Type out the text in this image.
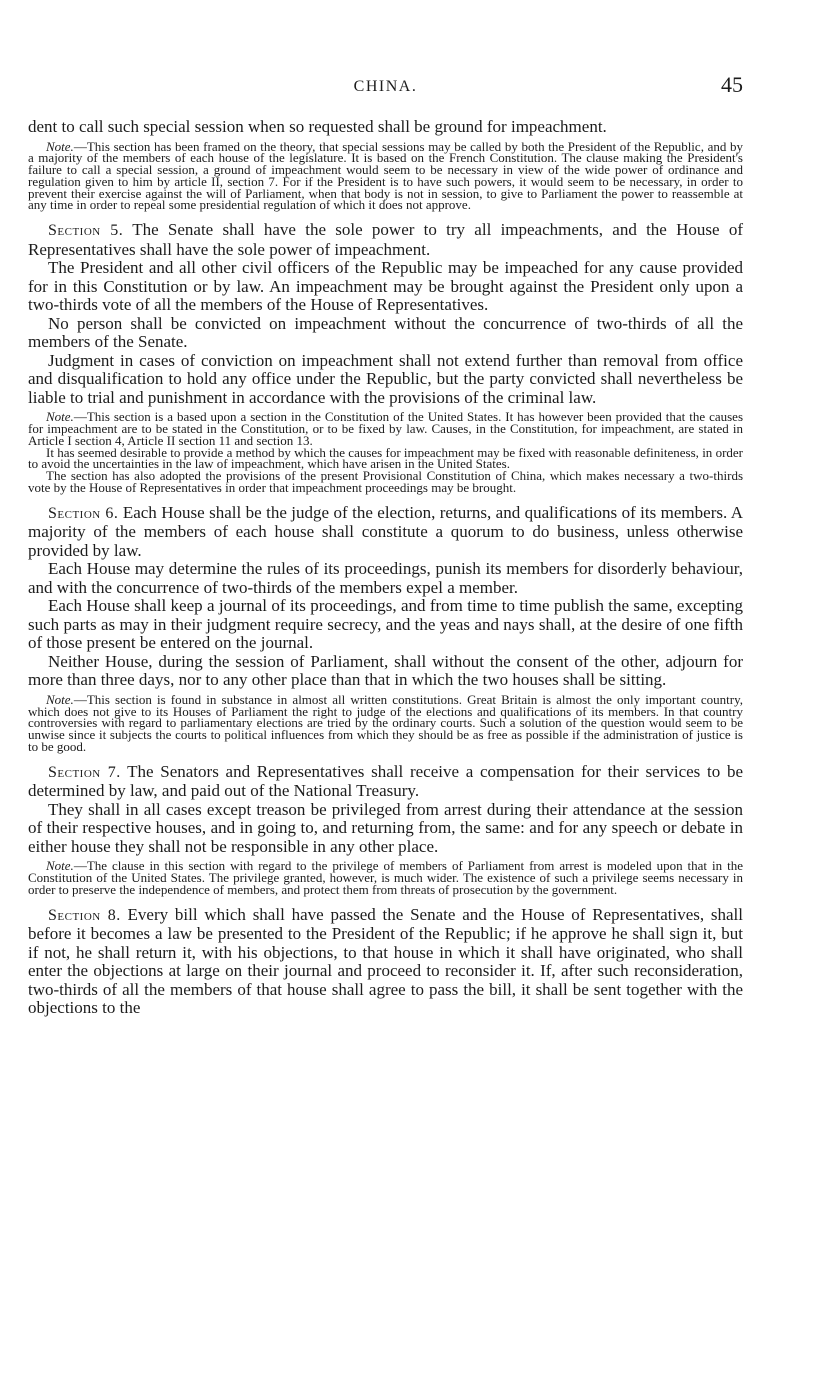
CHINA.	45

dent to call such special session when so requested shall be ground for impeachment.

Note.—This section has been framed on the theory, that special sessions may be called by both the President of the Republic, and by a majority of the members of each house of the legislature. It is based on the French Constitution. The clause making the President's failure to call a special session, a ground of impeachment would seem to be necessary in view of the wide power of ordinance and regulation given to him by article II, section 7. For if the President is to have such powers, it would seem to be necessary, in order to prevent their exercise against the will of Parliament, when that body is not in session, to give to Parliament the power to reassemble at any time in order to repeal some presidential regulation of which it does not approve.

Section 5. The Senate shall have the sole power to try all impeachments, and the House of Representatives shall have the sole power of impeachment.

The President and all other civil officers of the Republic may be impeached for any cause provided for in this Constitution or by law. An impeachment may be brought against the President only upon a two-thirds vote of all the members of the House of Representatives.

No person shall be convicted on impeachment without the concurrence of two-thirds of all the members of the Senate.

Judgment in cases of conviction on impeachment shall not extend further than removal from office and disqualification to hold any office under the Republic, but the party convicted shall nevertheless be liable to trial and punishment in accordance with the provisions of the criminal law.

Note.—This section is a based upon a section in the Constitution of the United States. It has however been provided that the causes for impeachment are to be stated in the Constitution, or to be fixed by law. Causes, in the Constitution, for impeachment, are stated in Article I section 4, Article II section 11 and section 13.

It has seemed desirable to provide a method by which the causes for impeachment may be fixed with reasonable definiteness, in order to avoid the uncertainties in the law of impeachment, which have arisen in the United States.

The section has also adopted the provisions of the present Provisional Constitution of China, which makes necessary a two-thirds vote by the House of Representatives in order that impeachment proceedings may be brought.

Section 6. Each House shall be the judge of the election, returns, and qualifications of its members. A majority of the members of each house shall constitute a quorum to do business, unless otherwise provided by law.

Each House may determine the rules of its proceedings, punish its members for disorderly behaviour, and with the concurrence of two-thirds of the members expel a member.

Each House shall keep a journal of its proceedings, and from time to time publish the same, excepting such parts as may in their judgment require secrecy, and the yeas and nays shall, at the desire of one fifth of those present be entered on the journal.

Neither House, during the session of Parliament, shall without the consent of the other, adjourn for more than three days, nor to any other place than that in which the two houses shall be sitting.

Note.—This section is found in substance in almost all written constitutions. Great Britain is almost the only important country, which does not give to its Houses of Parliament the right to judge of the elections and qualifications of its members. In that country controversies with regard to parliamentary elections are tried by the ordinary courts. Such a solution of the question would seem to be unwise since it subjects the courts to political influences from which they should be as free as possible if the administration of justice is to be good.

Section 7. The Senators and Representatives shall receive a compensation for their services to be determined by law, and paid out of the National Treasury.

They shall in all cases except treason be privileged from arrest during their attendance at the session of their respective houses, and in going to, and returning from, the same: and for any speech or debate in either house they shall not be responsible in any other place.

Note.—The clause in this section with regard to the privilege of members of Parliament from arrest is modeled upon that in the Constitution of the United States. The privilege granted, however, is much wider. The existence of such a privilege seems necessary in order to preserve the independence of members, and protect them from threats of prosecution by the government.

Section 8. Every bill which shall have passed the Senate and the House of Representatives, shall before it becomes a law be presented to the President of the Republic; if he approve he shall sign it, but if not, he shall return it, with his objections, to that house in which it shall have originated, who shall enter the objections at large on their journal and proceed to reconsider it. If, after such reconsideration, two-thirds of all the members of that house shall agree to pass the bill, it shall be sent together with the objections to the
